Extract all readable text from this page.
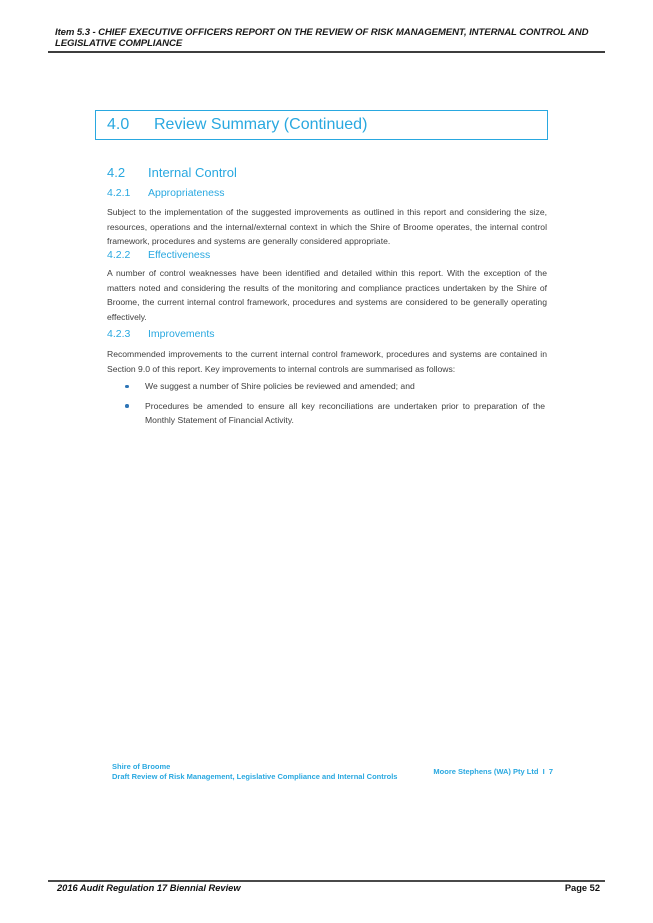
Item 5.3 - CHIEF EXECUTIVE OFFICERS REPORT ON THE REVIEW OF RISK MANAGEMENT, INTERNAL CONTROL AND
LEGISLATIVE COMPLIANCE
4.0	Review Summary (Continued)
4.2	Internal Control
4.2.1	Appropriateness
Subject to the implementation of the suggested improvements as outlined in this report and considering the size, resources, operations and the internal/external context in which the Shire of Broome operates, the internal control framework, procedures and systems are generally considered appropriate.
4.2.2	Effectiveness
A number of control weaknesses have been identified and detailed within this report. With the exception of the matters noted and considering the results of the monitoring and compliance practices undertaken by the Shire of Broome, the current internal control framework, procedures and systems are considered to be generally operating effectively.
4.2.3	Improvements
Recommended improvements to the current internal control framework, procedures and systems are contained in Section 9.0 of this report. Key improvements to internal controls are summarised as follows:
We suggest a number of Shire policies be reviewed and amended; and
Procedures be amended to ensure all key reconciliations are undertaken prior to preparation of the Monthly Statement of Financial Activity.
Shire of Broome
Draft Review of Risk Management, Legislative Compliance and Internal Controls
Moore Stephens (WA) Pty Ltd  I  7
2016 Audit Regulation 17 Biennial Review	Page 52
